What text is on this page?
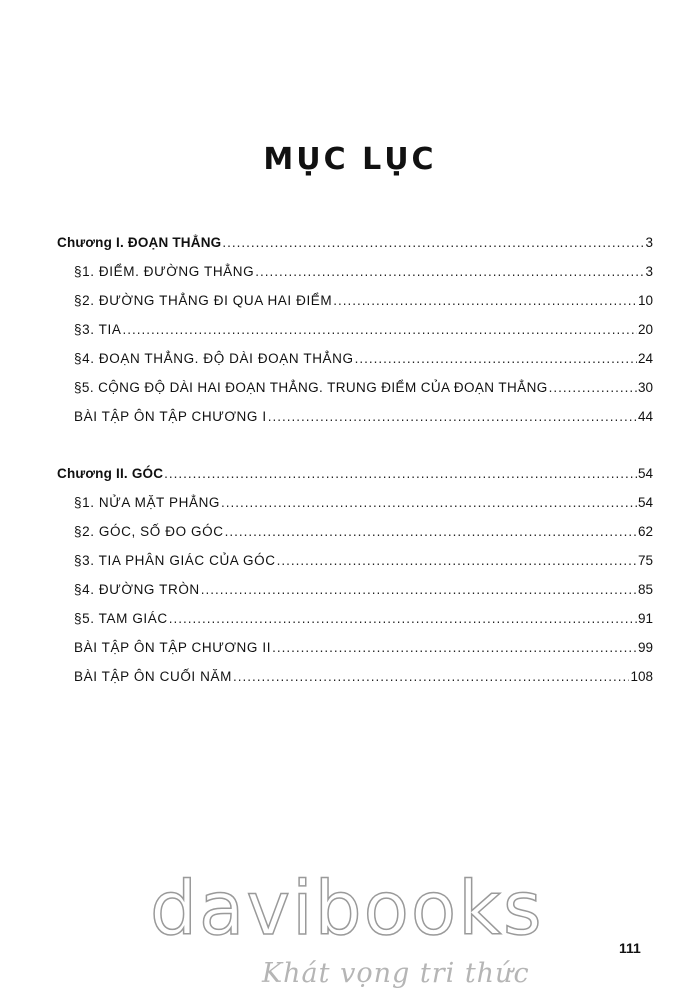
MỤC LỤC
Chương I. ĐOẠN THẲNG .....	3
§1. ĐIỂM. ĐƯỜNG THẲNG .....	3
§2. ĐƯỜNG THẲNG ĐI QUA HAI ĐIỂM .....	10
§3. TIA .....	20
§4. ĐOẠN THẲNG. ĐỘ DÀI ĐOẠN THẲNG .....	24
§5. CỘNG ĐỘ DÀI HAI ĐOẠN THẲNG. TRUNG ĐIỂM CỦA ĐOẠN THẲNG .....	30
BÀI TẬP ÔN TẬP CHƯƠNG I .....	44
Chương II. GÓC .....	54
§1. NỬA MẶT PHẲNG .....	54
§2. GÓC, SỐ ĐO GÓC .....	62
§3. TIA PHÂN GIÁC CỦA GÓC .....	75
§4. ĐƯỜNG TRÒN .....	85
§5. TAM GIÁC .....	91
BÀI TẬP ÔN TẬP CHƯƠNG II .....	99
BÀI TẬP ÔN CUỐI NĂM .....	108
davibooks
Khát vọng tri thức
111
